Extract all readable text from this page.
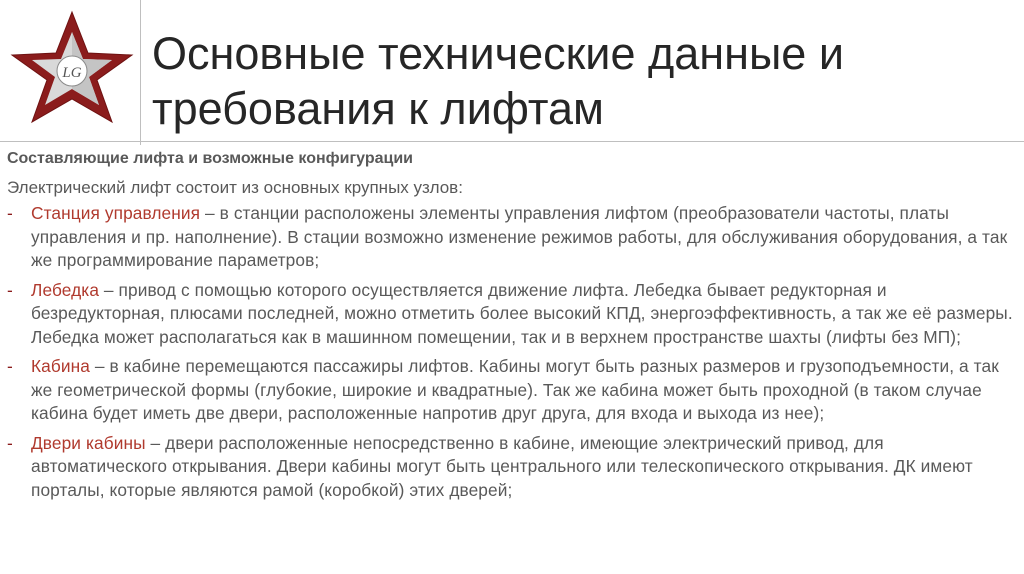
LG Основные технические данные и
требования к лифтам

Составляющие лифта и возможные конфигурации

Электрический лифт состоит из основных крупных узлов:

-	Станция управления – в станции расположены элементы управления лифтом (преобразователи частоты, платы управления и пр. наполнение). В стации возможно изменение режимов работы, для обслуживания оборудования, а так же программирование параметров;
-	Лебедка – привод с помощью которого осуществляется движение лифта. Лебедка бывает редукторная и безредукторная, плюсами последней, можно отметить более высокий КПД, энергоэффективность, а так же её размеры. Лебедка может располагаться как в машинном помещении, так и в верхнем пространстве шахты (лифты без МП);
-	Кабина – в кабине перемещаются пассажиры лифтов. Кабины могут быть разных размеров и грузоподъемности, а так же геометрической формы (глубокие, широкие и квадратные). Так же кабина может быть проходной (в таком случае кабина будет иметь две двери, расположенные напротив друг друга, для входа и выхода из нее);
-	Двери кабины – двери расположенные непосредственно в кабине, имеющие электрический привод, для автоматического открывания. Двери кабины могут быть центрального или телескопического открывания. ДК имеют порталы, которые являются рамой (коробкой) этих дверей;
